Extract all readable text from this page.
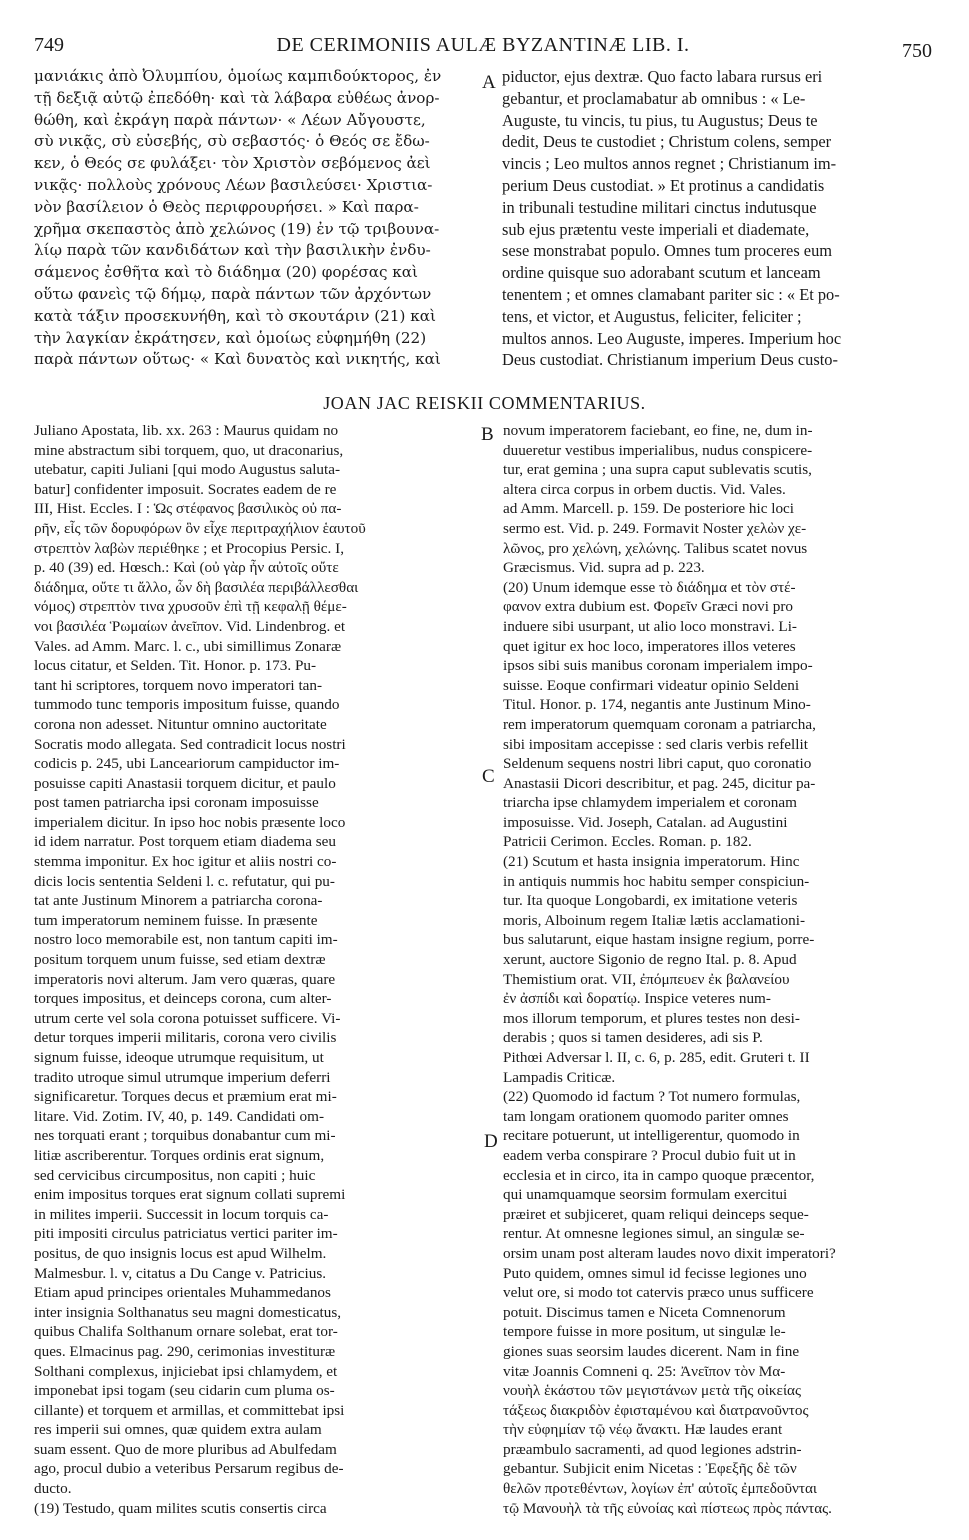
749	DE CERIMONIIS AULÆ BYZANTINÆ LIB. I.	750
μανιάκις ἀπὸ Ὀλυμπίου, ὁμοίως καμπιδούκτορος, ἐν
τῇ δεξιᾷ αὐτῷ ἐπεδόθη· καὶ τὰ λάβαρα εὐθέως ἀνορ-
θώθη, καὶ ἐκράγη παρὰ πάντων· « Λέων Αὔγουστε,
σὺ νικᾷς, σὺ εὐσεβής, σὺ σεβαστός· ὁ Θεός σε ἔδω-
κεν, ὁ Θεός σε φυλάξει· τὸν Χριστὸν σεβόμενος ἀεὶ
νικᾷς· πολλοὺς χρόνους Λέων βασιλεύσει· Χριστια-
νὸν βασίλειον ὁ Θεὸς περιφρουρήσει. » Καὶ παρα-
χρῆμα σκεπαστὸς ἀπὸ χελώνος (19) ἐν τῷ τριβουνα-
λίῳ παρὰ τῶν κανδιδάτων καὶ τὴν βασιλικὴν ἐνδυ-
σάμενος ἐσθῆτα καὶ τὸ διάδημα (20) φορέσας καὶ
οὕτω φανεὶς τῷ δήμῳ, παρὰ πάντων τῶν ἀρχόντων
κατὰ τάξιν προσεκυνήθη, καὶ τὸ σκουτάριν (21) καὶ
τὴν λαγκίαν ἐκράτησεν, καὶ ὁμοίως εὐφημήθη (22)
παρὰ πάντων οὕτως· « Καὶ δυνατὸς καὶ νικητής, καὶ
piductor, ejus dextræ. Quo facto labara rursus eri
gebantur, et proclamabatur ab omnibus : « Le-
Auguste, tu vincis, tu pius, tu Augustus; Deus te
dedit, Deus te custodiet ; Christum colens, semper
vincis ; Leo multos annos regnet ; Christianum im-
perium Deus custodiat. » Et protinus a candidatis
in tribunali testudine militari cinctus indutusque
sub ejus prætentu veste imperiali et diademate,
sese monstrabat populo. Omnes tum proceres eum
ordine quisque suo adorabant scutum et lanceam
tenentem ; et omnes clamabant pariter sic : « Et po-
tens, et victor, et Augustus, feliciter, feliciter ;
multos annos. Leo Auguste, imperes. Imperium hoc
Deus custodiat. Christianum imperium Deus custo-
JOAN JAC REISKII COMMENTARIUS.
Juliano Apostata, lib. xx. 263 : Maurus quidam no
mine abstractum sibi torquem, quo, ut draconarius,
utebatur, capiti Juliani [qui modo Augustus saluta-
batur] confidenter imposuit. Socrates eadem de re
III, Hist. Eccles. I : Ὡς στέφανος βασιλικὸς οὐ πα-
ρῆν, εἷς τῶν δορυφόρων ὃν εἶχε περιτραχήλιον ἑαυτοῦ
στρεπτὸν λαβὼν περιέθηκε ; et Procopius Persic. I,
p. 40 (39) ed. Hœsch.: Καὶ (οὐ γὰρ ἦν αὐτοῖς οὔτε
διάδημα, οὔτε τι ἄλλο, ὧν δὴ βασιλέα περιβάλλεσθαι
νόμος) στρεπτὸν τινα χρυσοῦν ἐπὶ τῇ κεφαλῇ θέμε-
νοι βασιλέα Ῥωμαίων ἀνεῖπον. Vid. Lindenbrog. et
Vales. ad Amm. Marc. l. c., ubi simillimus Zonaræ
locus citatur, et Selden. Tit. Honor. p. 173. Pu-
tant hi scriptores, torquem novo imperatori tan-
tummodo tunc temporis impositum fuisse, quando
corona non adesset. Nituntur omnino auctoritate
Socratis modo allegata. Sed contradicit locus nostri
codicis p. 245, ubi Lanceariorum campiductor im-
posuisse capiti Anastasii torquem dicitur, et paulo
post tamen patriarcha ipsi coronam imposuisse
imperialem dicitur. In ipso hoc nobis præsente loco
id idem narratur. Post torquem etiam diadema seu
stemma imponitur. Ex hoc igitur et aliis nostri co-
dicis locis sententia Seldeni l. c. refutatur, qui pu-
tat ante Justinum Minorem a patriarcha corona-
tum imperatorum neminem fuisse. In præsente
nostro loco memorabile est, non tantum capiti im-
positum torquem unum fuisse, sed etiam dextræ
imperatoris novi alterum. Jam vero quæras, quare
torques impositus, et deinceps corona, cum alter-
utrum certe vel sola corona potuisset sufficere. Vi-
detur torques imperii militaris, corona vero civilis
signum fuisse, ideoque utrumque requisitum, ut
tradito utroque simul utrumque imperium deferri
significaretur. Torques decus et præmium erat mi-
litare. Vid. Zotim. IV, 40, p. 149. Candidati om-
nes torquati erant ; torquibus donabantur cum mi-
litiæ ascriberentur. Torques ordinis erat signum,
sed cervicibus circumpositus, non capiti ; huic
enim impositus torques erat signum collati supremi
in milites imperii. Successit in locum torquis ca-
piti impositi circulus patriciatus vertici pariter im-
positus, de quo insignis locus est apud Wilhelm.
Malmesbur. l. v, citatus a Du Cange v. Patricius.
Etiam apud principes orientales Muhammedanos
inter insignia Solthanatus seu magni domesticatus,
quibus Chalifa Solthanum ornare solebat, erat tor-
ques. Elmacinus pag. 290, cerimonias investituræ
Solthani complexus, injiciebat ipsi chlamydem, et
imponebat ipsi togam (seu cidarin cum pluma os-
cillante) et torquem et armillas, et committebat ipsi
res imperii sui omnes, quæ quidem extra aulam
suam essent. Quo de more pluribus ad Abulfedam
ago, procul dubio a veteribus Persarum regibus de-
ducto.
(19) Testudo, quam milites scutis consertis circa
novum imperatorem faciebant, eo fine, ne, dum in-
duueretur vestibus imperialibus, nudus conspicere-
tur, erat gemina ; una supra caput sublevatis scutis,
altera circa corpus in orbem ductis. Vid. Vales.
ad Amm. Marcell. p. 159. De posteriore hic loci
sermo est. Vid. p. 249. Formavit Noster χελὼν χε-
λῶνος, pro χελώνη, χελώνης. Talibus scatet novus
Græcismus. Vid. supra ad p. 223.
(20) Unum idemque esse τὸ διάδημα et τὸν στέ-
φανον extra dubium est. Φορεῖν Græci novi pro
induere sibi usurpant, ut alio loco monstravi. Li-
quet igitur ex hoc loco, imperatores illos veteres
ipsos sibi suis manibus coronam imperialem impo-
suisse. Eoque confirmari videatur opinio Seldeni
Titul. Honor. p. 174, negantis ante Justinum Mino-
rem imperatorum quemquam coronam a patriarcha,
sibi impositam accepisse : sed claris verbis refellit
Seldenum sequens nostri libri caput, quo coronatio
Anastasii Dicori describitur, et pag. 245, dicitur pa-
triarcha ipse chlamydem imperialem et coronam
imposuisse. Vid. Joseph, Catalan. ad Augustini
Patricii Cerimon. Eccles. Roman. p. 182.
(21) Scutum et hasta insignia imperatorum. Hinc
in antiquis nummis hoc habitu semper conspiciun-
tur. Ita quoque Longobardi, ex imitatione veteris
moris, Alboinum regem Italiæ lætis acclamationi-
bus salutarunt, eique hastam insigne regium, porre-
xerunt, auctore Sigonio de regno Ital. p. 8. Apud
Themistium orat. VII, ἐπόμπευεν ἐκ βαλανείου
ἐν ἀσπίδι καὶ δορατίῳ. Inspice veteres num-
mos illorum temporum, et plures testes non desi-
derabis ; quos si tamen desideres, adi sis P.
Pithœi Adversar l. II, c. 6, p. 285, edit. Gruteri t. II
Lampadis Criticæ.
(22) Quomodo id factum ? Tot numero formulas,
tam longam orationem quomodo pariter omnes
recitare potuerunt, ut intelligerentur, quomodo in
eadem verba conspirare ? Procul dubio fuit ut in
ecclesia et in circo, ita in campo quoque præcentor,
qui unamquamque seorsim formulam exercitui
præiret et subjiceret, quam reliqui deinceps seque-
rentur. At omnesne legiones simul, an singulæ se-
orsim unam post alteram laudes novo dixit imperatori?
Puto quidem, omnes simul id fecisse legiones uno
velut ore, si modo tot catervis præco unus sufficere
potuit. Discimus tamen e Niceta Comnenorum
tempore fuisse in more positum, ut singulæ le-
giones suas seorsim laudes dicerent. Nam in fine
vitæ Joannis Comneni q. 25: Ἀνεῖπον τὸν Μα-
νουὴλ ἑκάστου τῶν μεγιστάνων μετὰ τῆς οἰκείας
τάξεως διακριδὸν ἐφισταμένου καὶ διατρανοῦντος
τὴν εὐφημίαν τῷ νέῳ ἄνακτι. Hæ laudes erant
præambulo sacramenti, ad quod legiones adstrin-
gebantur. Subjicit enim Nicetas : Ἐφεξῆς δὲ τῶν
θελῶν προτεθέντων, λογίων ἐπ' αὐτοῖς ἐμπεδοῦνται
τῷ Μανουὴλ τὰ τῆς εὐνοίας καὶ πίστεως πρὸς πάντας.
A
B
C
D
